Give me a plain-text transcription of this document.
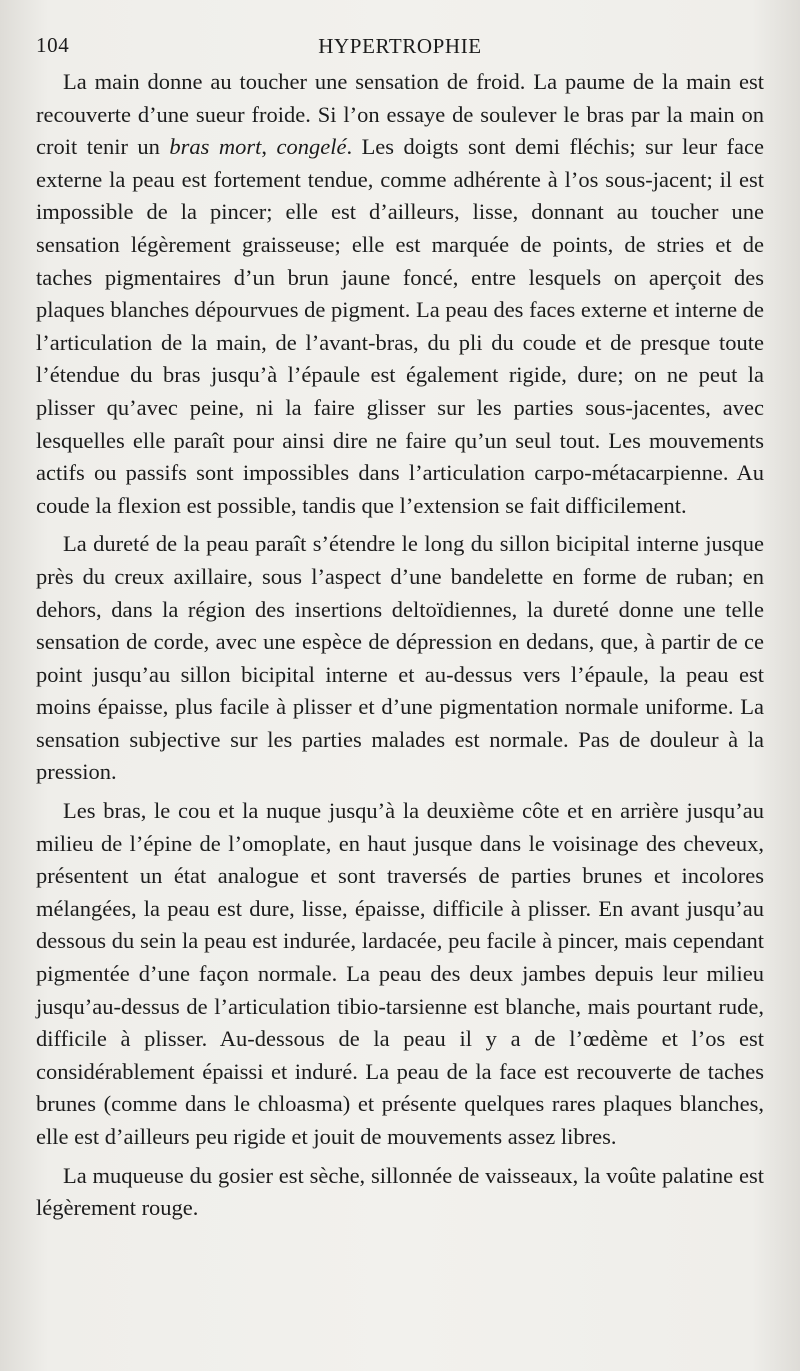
104	HYPERTROPHIE

La main donne au toucher une sensation de froid. La paume de la main est recouverte d’une sueur froide. Si l’on essaye de soulever le bras par la main on croit tenir un bras mort, congelé. Les doigts sont demi fléchis; sur leur face externe la peau est fortement tendue, comme adhérente à l’os sous-jacent; il est impossible de la pincer; elle est d’ailleurs, lisse, donnant au toucher une sensation légèrement graisseuse; elle est marquée de points, de stries et de taches pigmentaires d’un brun jaune foncé, entre lesquels on aperçoit des plaques blanches dépourvues de pigment. La peau des faces externe et interne de l’articulation de la main, de l’avant-bras, du pli du coude et de presque toute l’étendue du bras jusqu’à l’épaule est également rigide, dure; on ne peut la plisser qu’avec peine, ni la faire glisser sur les parties sous-jacentes, avec lesquelles elle paraît pour ainsi dire ne faire qu’un seul tout. Les mouvements actifs ou passifs sont impossibles dans l’articulation carpo-métacarpienne. Au coude la flexion est possible, tandis que l’extension se fait difficilement.

La dureté de la peau paraît s’étendre le long du sillon bicipital interne jusque près du creux axillaire, sous l’aspect d’une bandelette en forme de ruban; en dehors, dans la région des insertions deltoïdiennes, la dureté donne une telle sensation de corde, avec une espèce de dépression en dedans, que, à partir de ce point jusqu’au sillon bicipital interne et au-dessus vers l’épaule, la peau est moins épaisse, plus facile à plisser et d’une pigmentation normale uniforme. La sensation subjective sur les parties malades est normale. Pas de douleur à la pression.

Les bras, le cou et la nuque jusqu’à la deuxième côte et en arrière jusqu’au milieu de l’épine de l’omoplate, en haut jusque dans le voisinage des cheveux, présentent un état analogue et sont traversés de parties brunes et incolores mélangées, la peau est dure, lisse, épaisse, difficile à plisser. En avant jusqu’au dessous du sein la peau est indurée, lardacée, peu facile à pincer, mais cependant pigmentée d’une façon normale. La peau des deux jambes depuis leur milieu jusqu’au-dessus de l’articulation tibio-tarsienne est blanche, mais pourtant rude, difficile à plisser. Au-dessous de la peau il y a de l’œdème et l’os est considérablement épaissi et induré. La peau de la face est recouverte de taches brunes (comme dans le chloasma) et présente quelques rares plaques blanches, elle est d’ailleurs peu rigide et jouit de mouvements assez libres.

La muqueuse du gosier est sèche, sillonnée de vaisseaux, la voûte palatine est légèrement rouge.
